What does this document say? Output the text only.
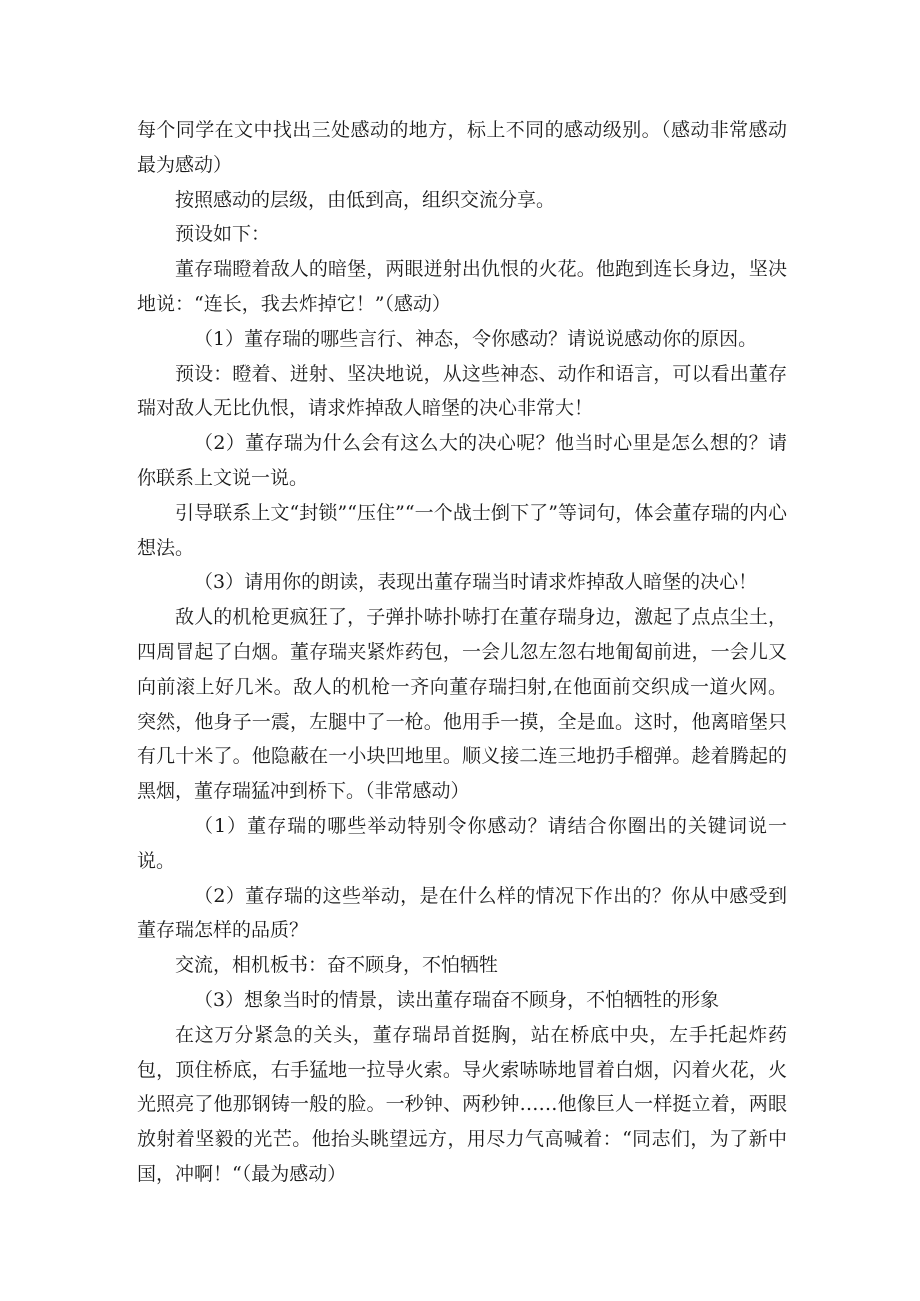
每个同学在文中找出三处感动的地方，标上不同的感动级别。（感动非常感动最为感动）

按照感动的层级，由低到高，组织交流分享。

预设如下：

董存瑞瞪着敌人的暗堡，两眼迸射出仇恨的火花。他跑到连长身边，坚决地说：“连长，我去炸掉它！”（感动）

（1）董存瑞的哪些言行、神态，令你感动？请说说感动你的原因。

预设：瞪着、迸射、坚决地说，从这些神态、动作和语言，可以看出董存瑞对敌人无比仇恨，请求炸掉敌人暗堡的决心非常大！

（2）董存瑞为什么会有这么大的决心呢？他当时心里是怎么想的？请你联系上文说一说。

引导联系上文“封锁”“压住”“一个战士倒下了”等词句，体会董存瑞的内心想法。

（3）请用你的朗读，表现出董存瑞当时请求炸掉敌人暗堡的决心！

敌人的机枪更疯狂了，子弹扑哧扑哧打在董存瑞身边，激起了点点尘土，四周冒起了白烟。董存瑞夹紧炸药包，一会儿忽左忽右地匍匐前进，一会儿又向前滚上好几米。敌人的机枪一齐向董存瑞扫射,在他面前交织成一道火网。突然，他身子一震，左腿中了一枪。他用手一摸，全是血。这时，他离暗堡只有几十米了。他隐蔽在一小块凹地里。顺义接二连三地扔手榴弹。趁着腾起的黑烟，董存瑞猛冲到桥下。（非常感动）

（1）董存瑞的哪些举动特别令你感动？请结合你圈出的关键词说一说。

（2）董存瑞的这些举动，是在什么样的情况下作出的？你从中感受到董存瑞怎样的品质？

交流，相机板书：奋不顾身，不怕牺牲

（3）想象当时的情景，读出董存瑞奋不顾身，不怕牺牲的形象

在这万分紧急的关头，董存瑞昂首挺胸，站在桥底中央，左手托起炸药包，顶住桥底，右手猛地一拉导火索。导火索哧哧地冒着白烟，闪着火花，火光照亮了他那钢铸一般的脸。一秒钟、两秒钟……他像巨人一样挺立着，两眼放射着坚毅的光芒。他抬头眺望远方，用尽力气高喊着：“同志们，为了新中国，冲啊！“（最为感动）
